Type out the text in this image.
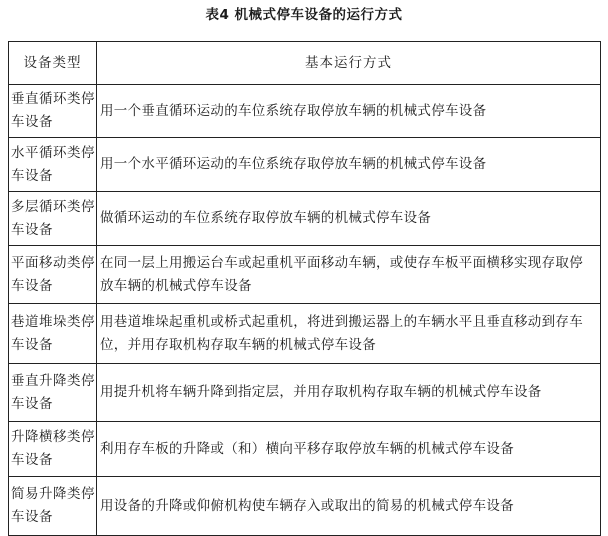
表4 机械式停车设备的运行方式
设备类型	基本运行方式
垂直循环类停车设备	用一个垂直循环运动的车位系统存取停放车辆的机械式停车设备
水平循环类停车设备	用一个水平循环运动的车位系统存取停放车辆的机械式停车设备
多层循环类停车设备	做循环运动的车位系统存取停放车辆的机械式停车设备
平面移动类停车设备	在同一层上用搬运台车或起重机平面移动车辆，或使存车板平面横移实现存取停放车辆的机械式停车设备
巷道堆垛类停车设备	用巷道堆垛起重机或桥式起重机，将进到搬运器上的车辆水平且垂直移动到存车位，并用存取机构存取车辆的机械式停车设备
垂直升降类停车设备	用提升机将车辆升降到指定层，并用存取机构存取车辆的机械式停车设备
升降横移类停车设备	利用存车板的升降或（和）横向平移存取停放车辆的机械式停车设备
简易升降类停车设备	用设备的升降或仰俯机构使车辆存入或取出的简易的机械式停车设备
